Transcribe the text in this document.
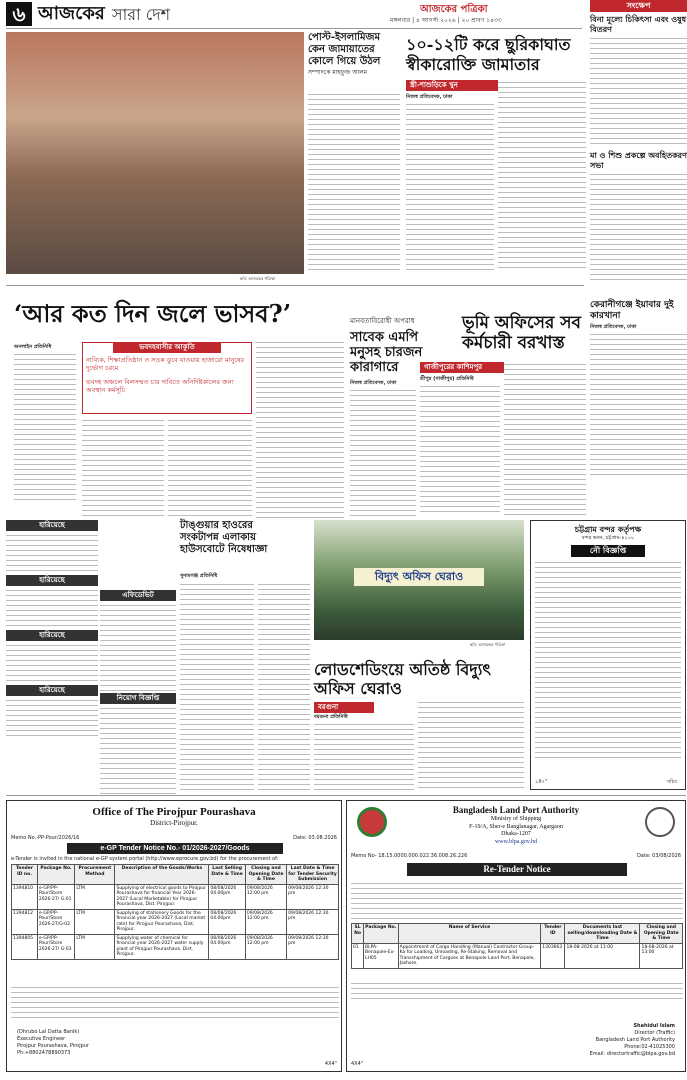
৬ আজকের সারা দেশ	আজকের পত্রিকা
মঙ্গলবার | ৪ আগস্ট ২০২৬ | ২০ শ্রাবণ ১৪৩৩
ছবি: আজকের পত্রিকা
পোস্ট-ইসলামিজম
কেন জামায়াতের কোলে গিয়ে উঠল
সম্পাদকে মাহফুজ আলম
১০-১২টি করে ছুরিকাঘাত স্বীকারোক্তি জামাতার
স্ত্রী-শাশুড়িকে খুন
নিজস্ব প্রতিবেদক, ঢাকা
সংক্ষেপ
বিনা মূল্যে চিকিৎসা এবং ওষুধ বিতরণ
মা ও শিশু প্রকল্পে অবহিতকরণ সভা
কেরানীগঞ্জে ইয়াবার দুই কারখানা
নিজস্ব প্রতিবেদক, ঢাকা
‘আর কত দিন জলে ভাসব?’
অনলাইন প্রতিনিধি	ভবদহবাসীর আকুতি
নাব্যিক, শিক্ষাপ্রতিষ্ঠান ও সড়ক ডুবে যাওয়ায় হাজারো মানুষের দুর্ভোগ চরমে
ভবদহ অঞ্চলে বিলসম্মত চার দাবিতে অনির্দিষ্টকালের জন্য অবস্থান কর্মসূচি
মানবতাবিরোধী অপরাধ
সাবেক এমপি মনুসহ চারজন কারাগারে
নিজস্ব প্রতিবেদক, ঢাকা
ভূমি অফিসের সব কর্মচারী বরখাস্ত
গাজীপুরের কাশিমপুর
শ্রীপুর (গাজীপুর) প্রতিনিধি
হারিয়েছে
হারিয়েছে
হারিয়েছে
হারিয়েছে
এফিডেভিট
নিয়োগ বিজ্ঞপ্তি
টাঙ্গুয়ার হাওরের সংকটাপন্ন এলাকায় হাউসবোটে নিষেধাজ্ঞা
সুনামগঞ্জ প্রতিনিধি	বিদ্যুৎ অফিস ঘেরাও
ছবি: আজকের পত্রিকা
লোডশেডিংয়ে অতিষ্ঠ বিদ্যুৎ অফিস ঘেরাও
বরগুনা
বরগুনা প্রতিনিধি
চট্টগ্রাম বন্দর কর্তৃপক্ষ
বন্দর ভবন, চট্টগ্রাম-৪১০০
নৌ বিজ্ঞপ্তি
২X৭"	সচিব
Office of The Pirojpur Pourashava
District-Pirojpur.
Memo No.-PP-Pour/2026/16	Date: 03.08.2026
e-GP Tender Notice No.- 01/2026-2027/Goods
e-Tender is invited in the national e-GP system portal (http://www.eprocure.gov.bd) for the procurement of:
Tender ID no.	Package No.	Procurement Method	Description of the Goods/Works	Last Selling Date & Time	Closing and Opening Date & Time	Last Date & Time for Tender Security Submission
1394810	e-GP/PP-Pour/Store 2026-27/ G-01	LTM	Supplying of electrical goods to Pirojpur Pourashava for financial Year 2026-2027 (Local Marketable) for Pirojpur Pourashava, Dist. Pirojpur.	08/08/2026 04.00pm	09/08/2026 12:00 pm	09/08/2026 12:30 pm
1394812	e-GP/PP-Pour/Store 2026-27/G-02	LTM	Supplying of stationery Goods for the financial year 2026-2027 (Local market rate) for Pirojpur Pourashava, Dist. Pirojpur.	08/08/2026 04.00pm	09/08/2026 12:00 pm	09/08/2026 12:30 pm
1394805	e-GP/PP-Pour/Store 2026-27/ G-03	LTM	Supplying water of chemical for financial year 2026-2027 water supply plant of Pirojpur Pourashava. Dist. Pirojpur.	08/08/2026 04.00pm	09/08/2026 12:00 pm	09/08/2026 12:30 pm
(Dhrubo Lal Datta Banik)
Executive Engineer
Pirojpur Pourashava, Pirojpur
Ph:+8802478890373
4X4"
Bangladesh Land Port Authority
Ministry of Shipping
F-19/A, Sher-e Banglanagar, Agargaon
Dhaka-1207
www.blpa.gov.bd
Memo No- 18.15.0000.000.022.36.008.26.226	Date: 03/08/2026
Re-Tender Notice
SL No	Package No.	Name of Service	Tender ID	Documents last selling/downloading Date & Time	Closing and Opening Date & Time
01	BLPA-Benapole-Ex-LH05	Appointment of Cargo Handling (Manual) Contractor Group-Ka for Loading, Unloading, Re-Staking, Removal and Transshipment of Cargoes at Benapole Land Port, Benapole, Jashore.	1303663	18-08-2026 at 11:00	18-08-2026 at 13:00
Shahidul Islam
Director (Traffic)
Bangladesh Land Port Authority
Phone:02-41025300
Email: directortraffic@blpa.gov.bd
4X4"
